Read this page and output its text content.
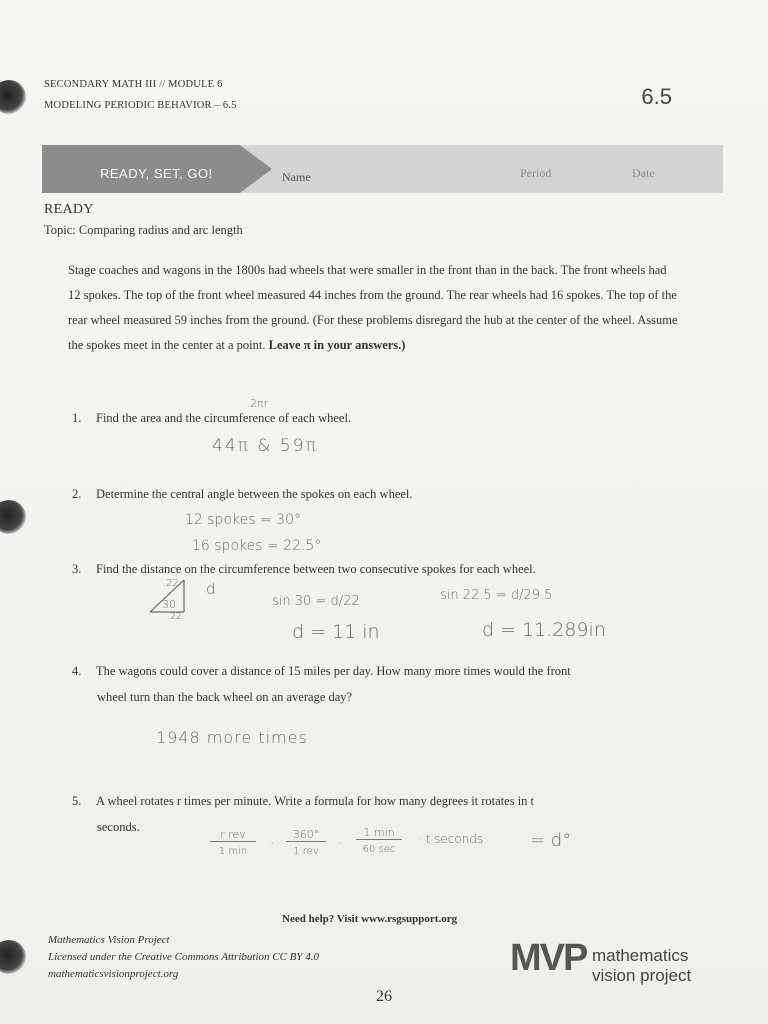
SECONDARY MATH III // MODULE 6
MODELING PERIODIC BEHAVIOR – 6.5	6.5
READY, SET, GO!	Name	Period	Date
READY
Topic: Comparing radius and arc length
Stage coaches and wagons in the 1800s had wheels that were smaller in the front than in the back. The front wheels had 12 spokes. The top of the front wheel measured 44 inches from the ground. The rear wheels had 16 spokes. The top of the rear wheel measured 59 inches from the ground. (For these problems disregard the hub at the center of the wheel. Assume the spokes meet in the center at a point. Leave π in your answers.)
1. Find the area and the circumference of each wheel.
2. Determine the central angle between the spokes on each wheel.
3. Find the distance on the circumference between two consecutive spokes for each wheel.
4. The wagons could cover a distance of 15 miles per day. How many more times would the front
wheel turn than the back wheel on an average day?
5. A wheel rotates r times per minute. Write a formula for how many degrees it rotates in t
seconds.
2πr
44π & 59π
12 spokes = 30°
16 spokes = 22.5°
22
30
d
22
sin 30 = d/22	sin 22.5 = d/29.5
d = 11 in	d = 11.289in
1948 more times
r rev
1 min	·
360°
1 rev	·
1 min
60 sec
· t seconds	= d°
Need help? Visit www.rsgsupport.org
Mathematics Vision Project
Licensed under the Creative Commons Attribution CC BY 4.0
mathematicsvisionproject.org
26
MVP mathematics
vision project
